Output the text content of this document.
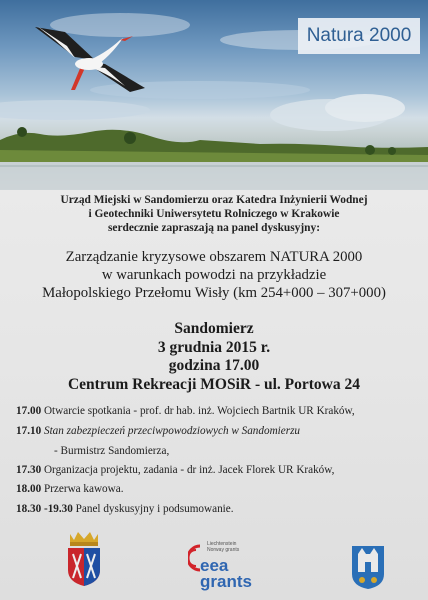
Natura 2000
Urząd Miejski w Sandomierzu oraz Katedra Inżynierii Wodnej
i Geotechniki Uniwersytetu Rolniczego w Krakowie
serdecznie zapraszają na panel dyskusyjny:
Zarządzanie kryzysowe obszarem NATURA 2000
w warunkach powodzi na przykładzie
Małopolskiego Przełomu Wisły (km 254+000 – 307+000)
Sandomierz
3 grudnia 2015 r.
godzina 17.00
Centrum Rekreacji MOSiR - ul. Portowa 24
17.00 Otwarcie spotkania - prof. dr hab. inż. Wojciech Bartnik UR Kraków,
17.10 Stan zabezpieczeń przeciwpowodziowych w Sandomierzu
- Burmistrz Sandomierza,
17.30 Organizacja projektu, zadania - dr inż. Jacek Florek UR Kraków,
18.00 Przerwa kawowa.
18.30 -19.30 Panel dyskusyjny i podsumowanie.
Liechtenstein
Norway grants
eea
grants
